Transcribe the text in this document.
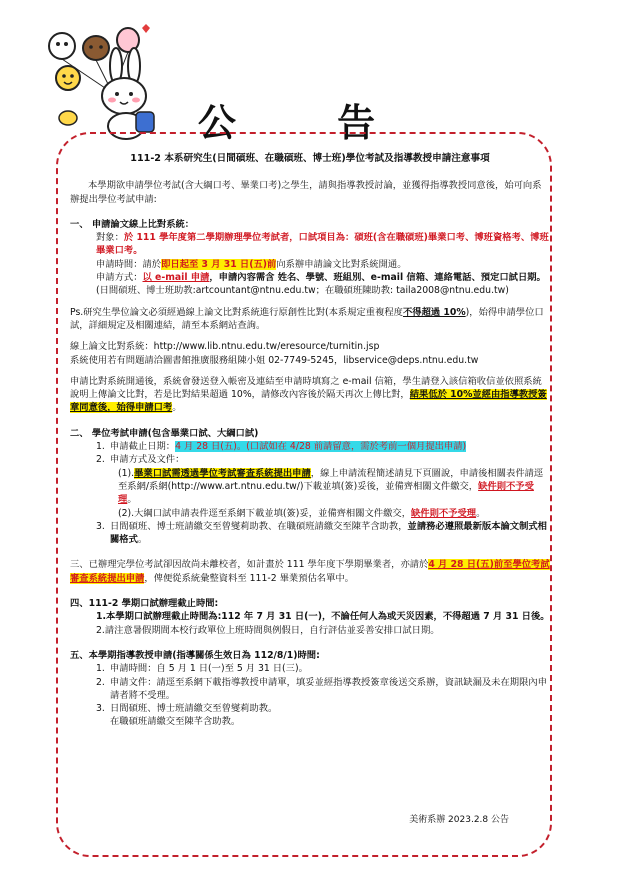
公 告

111-2 本系研究生(日間碩班、在職碩班、博士班)學位考試及指導教授申請注意事項

本學期欲申請學位考試(含大綱口考、畢業口考)之學生，請與指導教授討論，並獲得指導教授同意後，始可向系辦提出學位考試申請:

一、 申請論文線上比對系統：

對象：於 111 學年度第二學期辦理學位考試者，口試項目為：碩班(含在職碩班)畢業口考、博班資格考、博班畢業口考。

申請時間：請於即日起至 3 月 31 日(五)前向系辦申請論文比對系統開通。

申請方式：以 e-mail 申請，申請內容需含 姓名、學號、班組別、e-mail 信箱、連絡電話、預定口試日期。

(日間碩班、博士班助教:artcountant@ntnu.edu.tw；在職碩班陳助教: taila2008@ntnu.edu.tw)

Ps.研究生學位論文必須經過線上論文比對系統進行原創性比對(本系規定重複程度不得超過 10%)，始得申請學位口試，詳細規定及相關連結，請至本系網站查詢。

線上論文比對系統：http://www.lib.ntnu.edu.tw/eresource/turnitin.jsp

系統使用若有問題請洽圖書館推廣服務組陳小姐 02-7749-5245，libservice@deps.ntnu.edu.tw

申請比對系統開通後，系統會發送登入帳密及連結至申請時填寫之 e-mail 信箱，學生請登入該信箱收信並依照系統說明上傳論文比對，若是比對結果超過 10%，請修改內容後於隔天再次上傳比對，結果低於 10%並經由指導教授簽章同意後，始得申請口考。

二、 學位考試申請(包含畢業口試、大綱口試)

1. 申請截止日期：4 月 28 日(五)。(口試如在 4/28 前請留意，需於考前一個月提出申請)
2. 申請方式及文件：

(1).畢業口試需透過學位考試審查系統提出申請，線上申請流程簡述請見下頁圖說，申請後相關表件請逕至系網/系網(http://www.art.ntnu.edu.tw/)下載並填(簽)妥後，並備齊相關文件繳交，缺件則不予受理。

(2).大綱口試申請表件逕至系網下載並填(簽)妥，並備齊相關文件繳交，缺件則不予受理。

3. 日間碩班、博士班請繳交至曾燮莉助教、在職碩班請繳交至陳芊含助教，並請務必遵照最新版本論文制式相關格式。

三、已辦理完學位考試卻因故尚未離校者，如計畫於 111 學年度下學期畢業者，亦請於4 月 28 日(五)前至學位考試審查系統提出申請，俾便從系統彙整資料至 111-2 畢業預估名單中。

四、111-2 學期口試辦理截止時間:

1.本學期口試辦理截止時間為:112 年 7 月 31 日(一)，不論任何人為或天災因素，不得超過 7 月 31 日後。

2.請注意暑假期間本校行政單位上班時間與例假日，自行評估並妥善安排口試日期。

五、本學期指導教授申請(指導關係生效日為 112/8/1)時間:

1. 申請時間：自 5 月 1 日(一)至 5 月 31 日(三)。
2. 申請文件：請逕至系網下載指導教授申請單，填妥並經指導教授簽章後送交系辦，資訊缺漏及未在期限內申請者將不受理。
3. 日間碩班、博士班請繳交至曾燮莉助教。
在職碩班請繳交至陳芊含助教。
美術系辦 2023.2.8 公告
